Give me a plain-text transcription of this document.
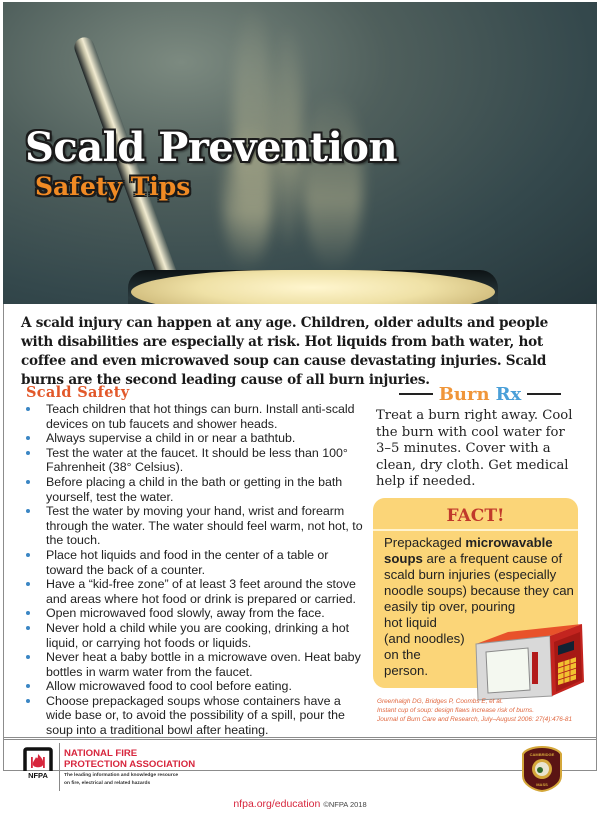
Scald Prevention
Safety Tips

A scald injury can happen at any age. Children, older adults and people with disabilities are especially at risk. Hot liquids from bath water, hot coffee and even microwaved soup can cause devastating injuries. Scald burns are the second leading cause of all burn injuries.

Scald Safety
Teach children that hot things can burn. Install anti-scald devices on tub faucets and shower heads.
Always supervise a child in or near a bathtub.
Test the water at the faucet. It should be less than 100° Fahrenheit (38° Celsius).
Before placing a child in the bath or getting in the bath yourself, test the water.
Test the water by moving your hand, wrist and forearm through the water. The water should feel warm, not hot, to the touch.
Place hot liquids and food in the center of a table or toward the back of a counter.
Have a “kid-free zone” of at least 3 feet around the stove and areas where hot food or drink is prepared or carried.
Open microwaved food slowly, away from the face.
Never hold a child while you are cooking, drinking a hot liquid, or carrying hot foods or liquids.
Never heat a baby bottle in a microwave oven. Heat baby bottles in warm water from the faucet.
Allow microwaved food to cool before eating.
Choose prepackaged soups whose containers have a wide base or, to avoid the possibility of a spill, pour the soup into a traditional bowl after heating.
Burn Rx

Treat a burn right away. Cool the burn with cool water for 3–5 minutes. Cover with a clean, dry cloth. Get medical help if needed.

FACT!
Prepackaged microwavable soups are a frequent cause of scald burn injuries (especially noodle soups) because they can easily tip over, pouring
hot liquid
(and noodles)
on the
person.
Greenhalgh DG, Bridges P, Coombs E, et al.
Instant cup of soup: design flaws increase risk of burns.
Journal of Burn Care and Research, July–August 2006: 27(4):476-81
NFPA
NATIONAL FIRE
PROTECTION ASSOCIATION
The leading information and knowledge resource
on fire, electrical and related hazards
CAMBRIDGE
MASS
nfpa.org/education ©NFPA 2018
